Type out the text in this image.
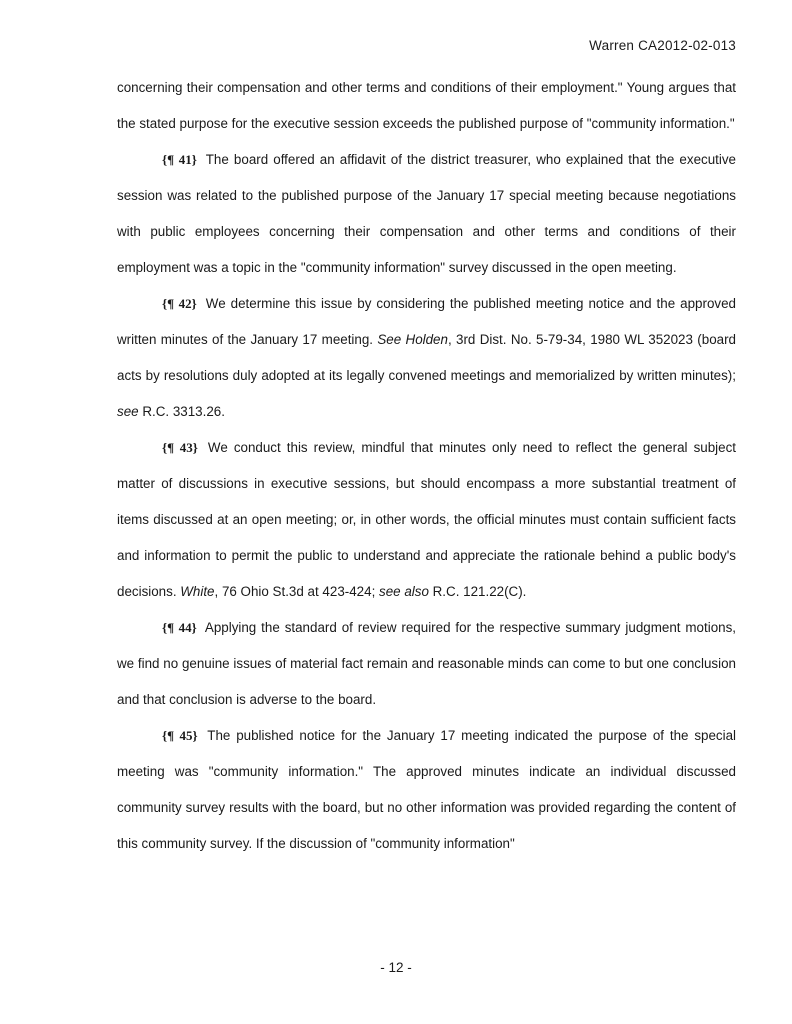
Warren CA2012-02-013

concerning their compensation and other terms and conditions of their employment." Young argues that the stated purpose for the executive session exceeds the published purpose of "community information."

{¶ 41} The board offered an affidavit of the district treasurer, who explained that the executive session was related to the published purpose of the January 17 special meeting because negotiations with public employees concerning their compensation and other terms and conditions of their employment was a topic in the "community information" survey discussed in the open meeting.

{¶ 42} We determine this issue by considering the published meeting notice and the approved written minutes of the January 17 meeting. See Holden, 3rd Dist. No. 5-79-34, 1980 WL 352023 (board acts by resolutions duly adopted at its legally convened meetings and memorialized by written minutes); see R.C. 3313.26.

{¶ 43} We conduct this review, mindful that minutes only need to reflect the general subject matter of discussions in executive sessions, but should encompass a more substantial treatment of items discussed at an open meeting; or, in other words, the official minutes must contain sufficient facts and information to permit the public to understand and appreciate the rationale behind a public body's decisions. White, 76 Ohio St.3d at 423-424; see also R.C. 121.22(C).

{¶ 44} Applying the standard of review required for the respective summary judgment motions, we find no genuine issues of material fact remain and reasonable minds can come to but one conclusion and that conclusion is adverse to the board.

{¶ 45} The published notice for the January 17 meeting indicated the purpose of the special meeting was "community information." The approved minutes indicate an individual discussed community survey results with the board, but no other information was provided regarding the content of this community survey. If the discussion of "community information"

- 12 -
